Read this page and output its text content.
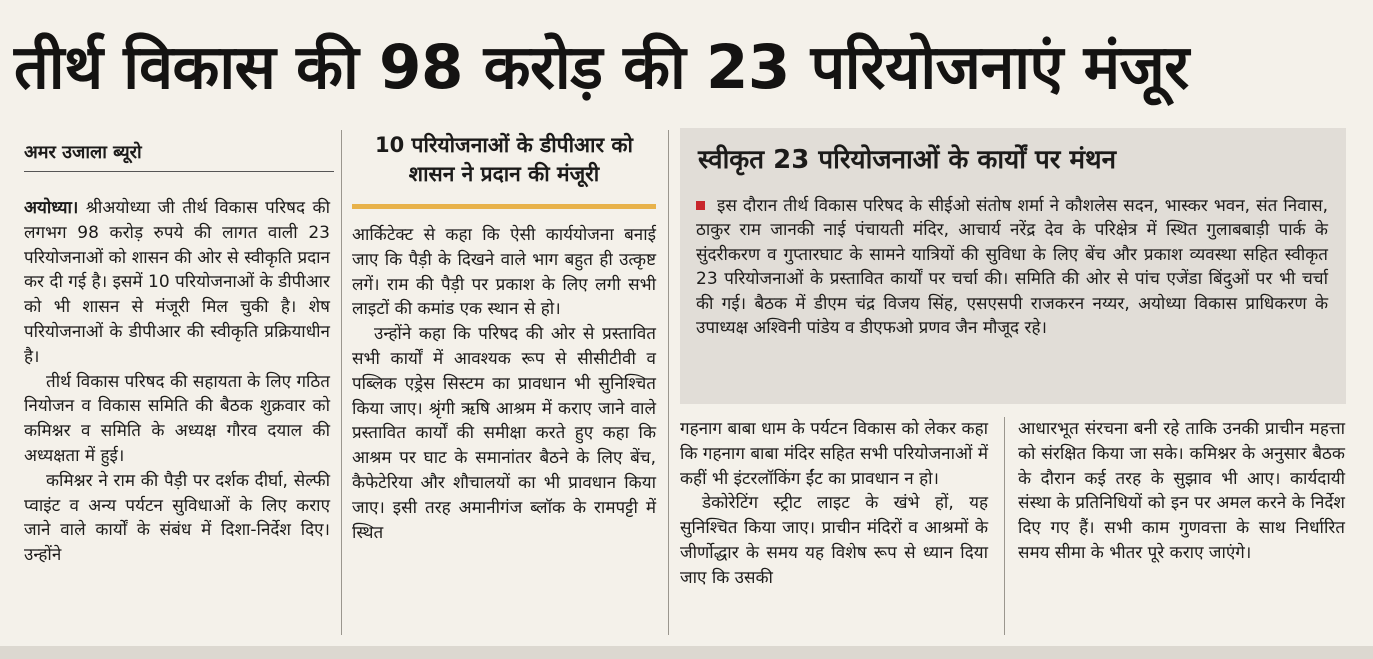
तीर्थ विकास की 98 करोड़ की 23 परियोजनाएं मंजूर
अमर उजाला ब्यूरो

अयोध्या। श्रीअयोध्या जी तीर्थ विकास परिषद की लगभग 98 करोड़ रुपये की लागत वाली 23 परियोजनाओं को शासन की ओर से स्वीकृति प्रदान कर दी गई है। इसमें 10 परियोजनाओं के डीपीआर को भी शासन से मंजूरी मिल चुकी है। शेष परियोजनाओं के डीपीआर की स्वीकृति प्रक्रियाधीन है।

तीर्थ विकास परिषद की सहायता के लिए गठित नियोजन व विकास समिति की बैठक शुक्रवार को कमिश्नर व समिति के अध्यक्ष गौरव दयाल की अध्यक्षता में हुई।

कमिश्नर ने राम की पैड़ी पर दर्शक दीर्घा, सेल्फी प्वाइंट व अन्य पर्यटन सुविधाओं के लिए कराए जाने वाले कार्यों के संबंध में दिशा-निर्देश दिए। उन्होंने

10 परियोजनाओं के डीपीआर को शासन ने प्रदान की मंजूरी

आर्किटेक्ट से कहा कि ऐसी कार्ययोजना बनाई जाए कि पैड़ी के दिखने वाले भाग बहुत ही उत्कृष्ट लगें। राम की पैड़ी पर प्रकाश के लिए लगी सभी लाइटों की कमांड एक स्थान से हो।

उन्होंने कहा कि परिषद की ओर से प्रस्तावित सभी कार्यों में आवश्यक रूप से सीसीटीवी व पब्लिक एड्रेस सिस्टम का प्रावधान भी सुनिश्चित किया जाए। श्रृंगी ऋषि आश्रम में कराए जाने वाले प्रस्तावित कार्यों की समीक्षा करते हुए कहा कि आश्रम पर घाट के समानांतर बैठने के लिए बेंच, कैफेटेरिया और शौचालयों का भी प्रावधान किया जाए। इसी तरह अमानीगंज ब्लॉक के रामपट्टी में स्थित

स्वीकृत 23 परियोजनाओं के कार्यों पर मंथन
इस दौरान तीर्थ विकास परिषद के सीईओ संतोष शर्मा ने कौशलेस सदन, भास्कर भवन, संत निवास, ठाकुर राम जानकी नाई पंचायती मंदिर, आचार्य नरेंद्र देव के परिक्षेत्र में स्थित गुलाबबाड़ी पार्क के सुंदरीकरण व गुप्तारघाट के सामने यात्रियों की सुविधा के लिए बेंच और प्रकाश व्यवस्था सहित स्वीकृत 23 परियोजनाओं के प्रस्तावित कार्यों पर चर्चा की। समिति की ओर से पांच एजेंडा बिंदुओं पर भी चर्चा की गई। बैठक में डीएम चंद्र विजय सिंह, एसएसपी राजकरन नय्यर, अयोध्या विकास प्राधिकरण के उपाध्यक्ष अश्विनी पांडेय व डीएफओ प्रणव जैन मौजूद रहे।

गहनाग बाबा धाम के पर्यटन विकास को लेकर कहा कि गहनाग बाबा मंदिर सहित सभी परियोजनाओं में कहीं भी इंटरलॉकिंग ईंट का प्रावधान न हो।

डेकोरेटिंग स्ट्रीट लाइट के खंभे हों, यह सुनिश्चित किया जाए। प्राचीन मंदिरों व आश्रमों के जीर्णोद्धार के समय यह विशेष रूप से ध्यान दिया जाए कि उसकी

आधारभूत संरचना बनी रहे ताकि उनकी प्राचीन महत्ता को संरक्षित किया जा सके। कमिश्नर के अनुसार बैठक के दौरान कई तरह के सुझाव भी आए। कार्यदायी संस्था के प्रतिनिधियों को इन पर अमल करने के निर्देश दिए गए हैं। सभी काम गुणवत्ता के साथ निर्धारित समय सीमा के भीतर पूरे कराए जाएंगे।
